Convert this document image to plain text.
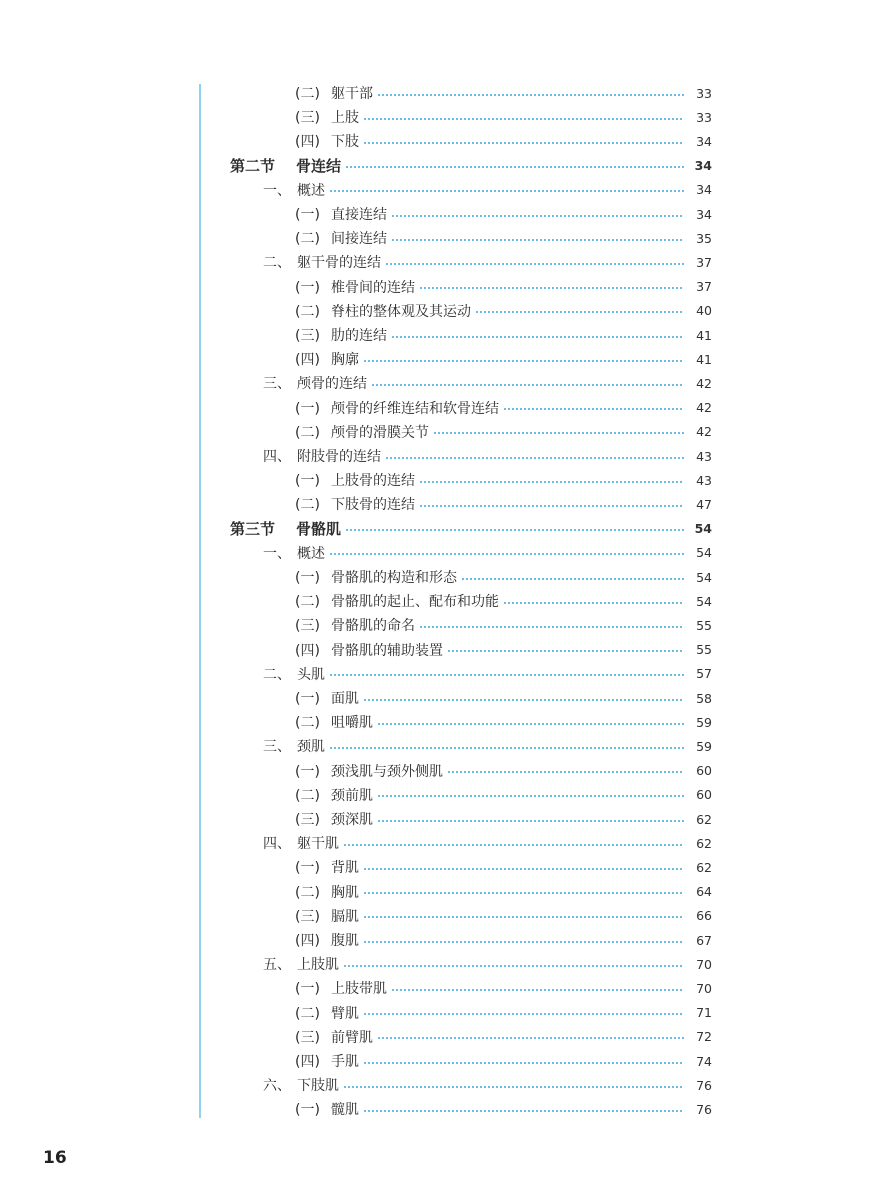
(二) 躯干部	33
(三) 上肢	33
(四) 下肢	34
第二节	骨连结	34
一、 概述	34
(一) 直接连结	34
(二) 间接连结	35
二、 躯干骨的连结	37
(一) 椎骨间的连结	37
(二) 脊柱的整体观及其运动	40
(三) 肋的连结	41
(四) 胸廓	41
三、 颅骨的连结	42
(一) 颅骨的纤维连结和软骨连结	42
(二) 颅骨的滑膜关节	42
四、 附肢骨的连结	43
(一) 上肢骨的连结	43
(二) 下肢骨的连结	47
第三节	骨骼肌	54
一、 概述	54
(一) 骨骼肌的构造和形态	54
(二) 骨骼肌的起止、配布和功能	54
(三) 骨骼肌的命名	55
(四) 骨骼肌的辅助装置	55
二、 头肌	57
(一) 面肌	58
(二) 咀嚼肌	59
三、 颈肌	59
(一) 颈浅肌与颈外侧肌	60
(二) 颈前肌	60
(三) 颈深肌	62
四、 躯干肌	62
(一) 背肌	62
(二) 胸肌	64
(三) 膈肌	66
(四) 腹肌	67
五、 上肢肌	70
(一) 上肢带肌	70
(二) 臂肌	71
(三) 前臂肌	72
(四) 手肌	74
六、 下肢肌	76
(一) 髋肌	76
16
